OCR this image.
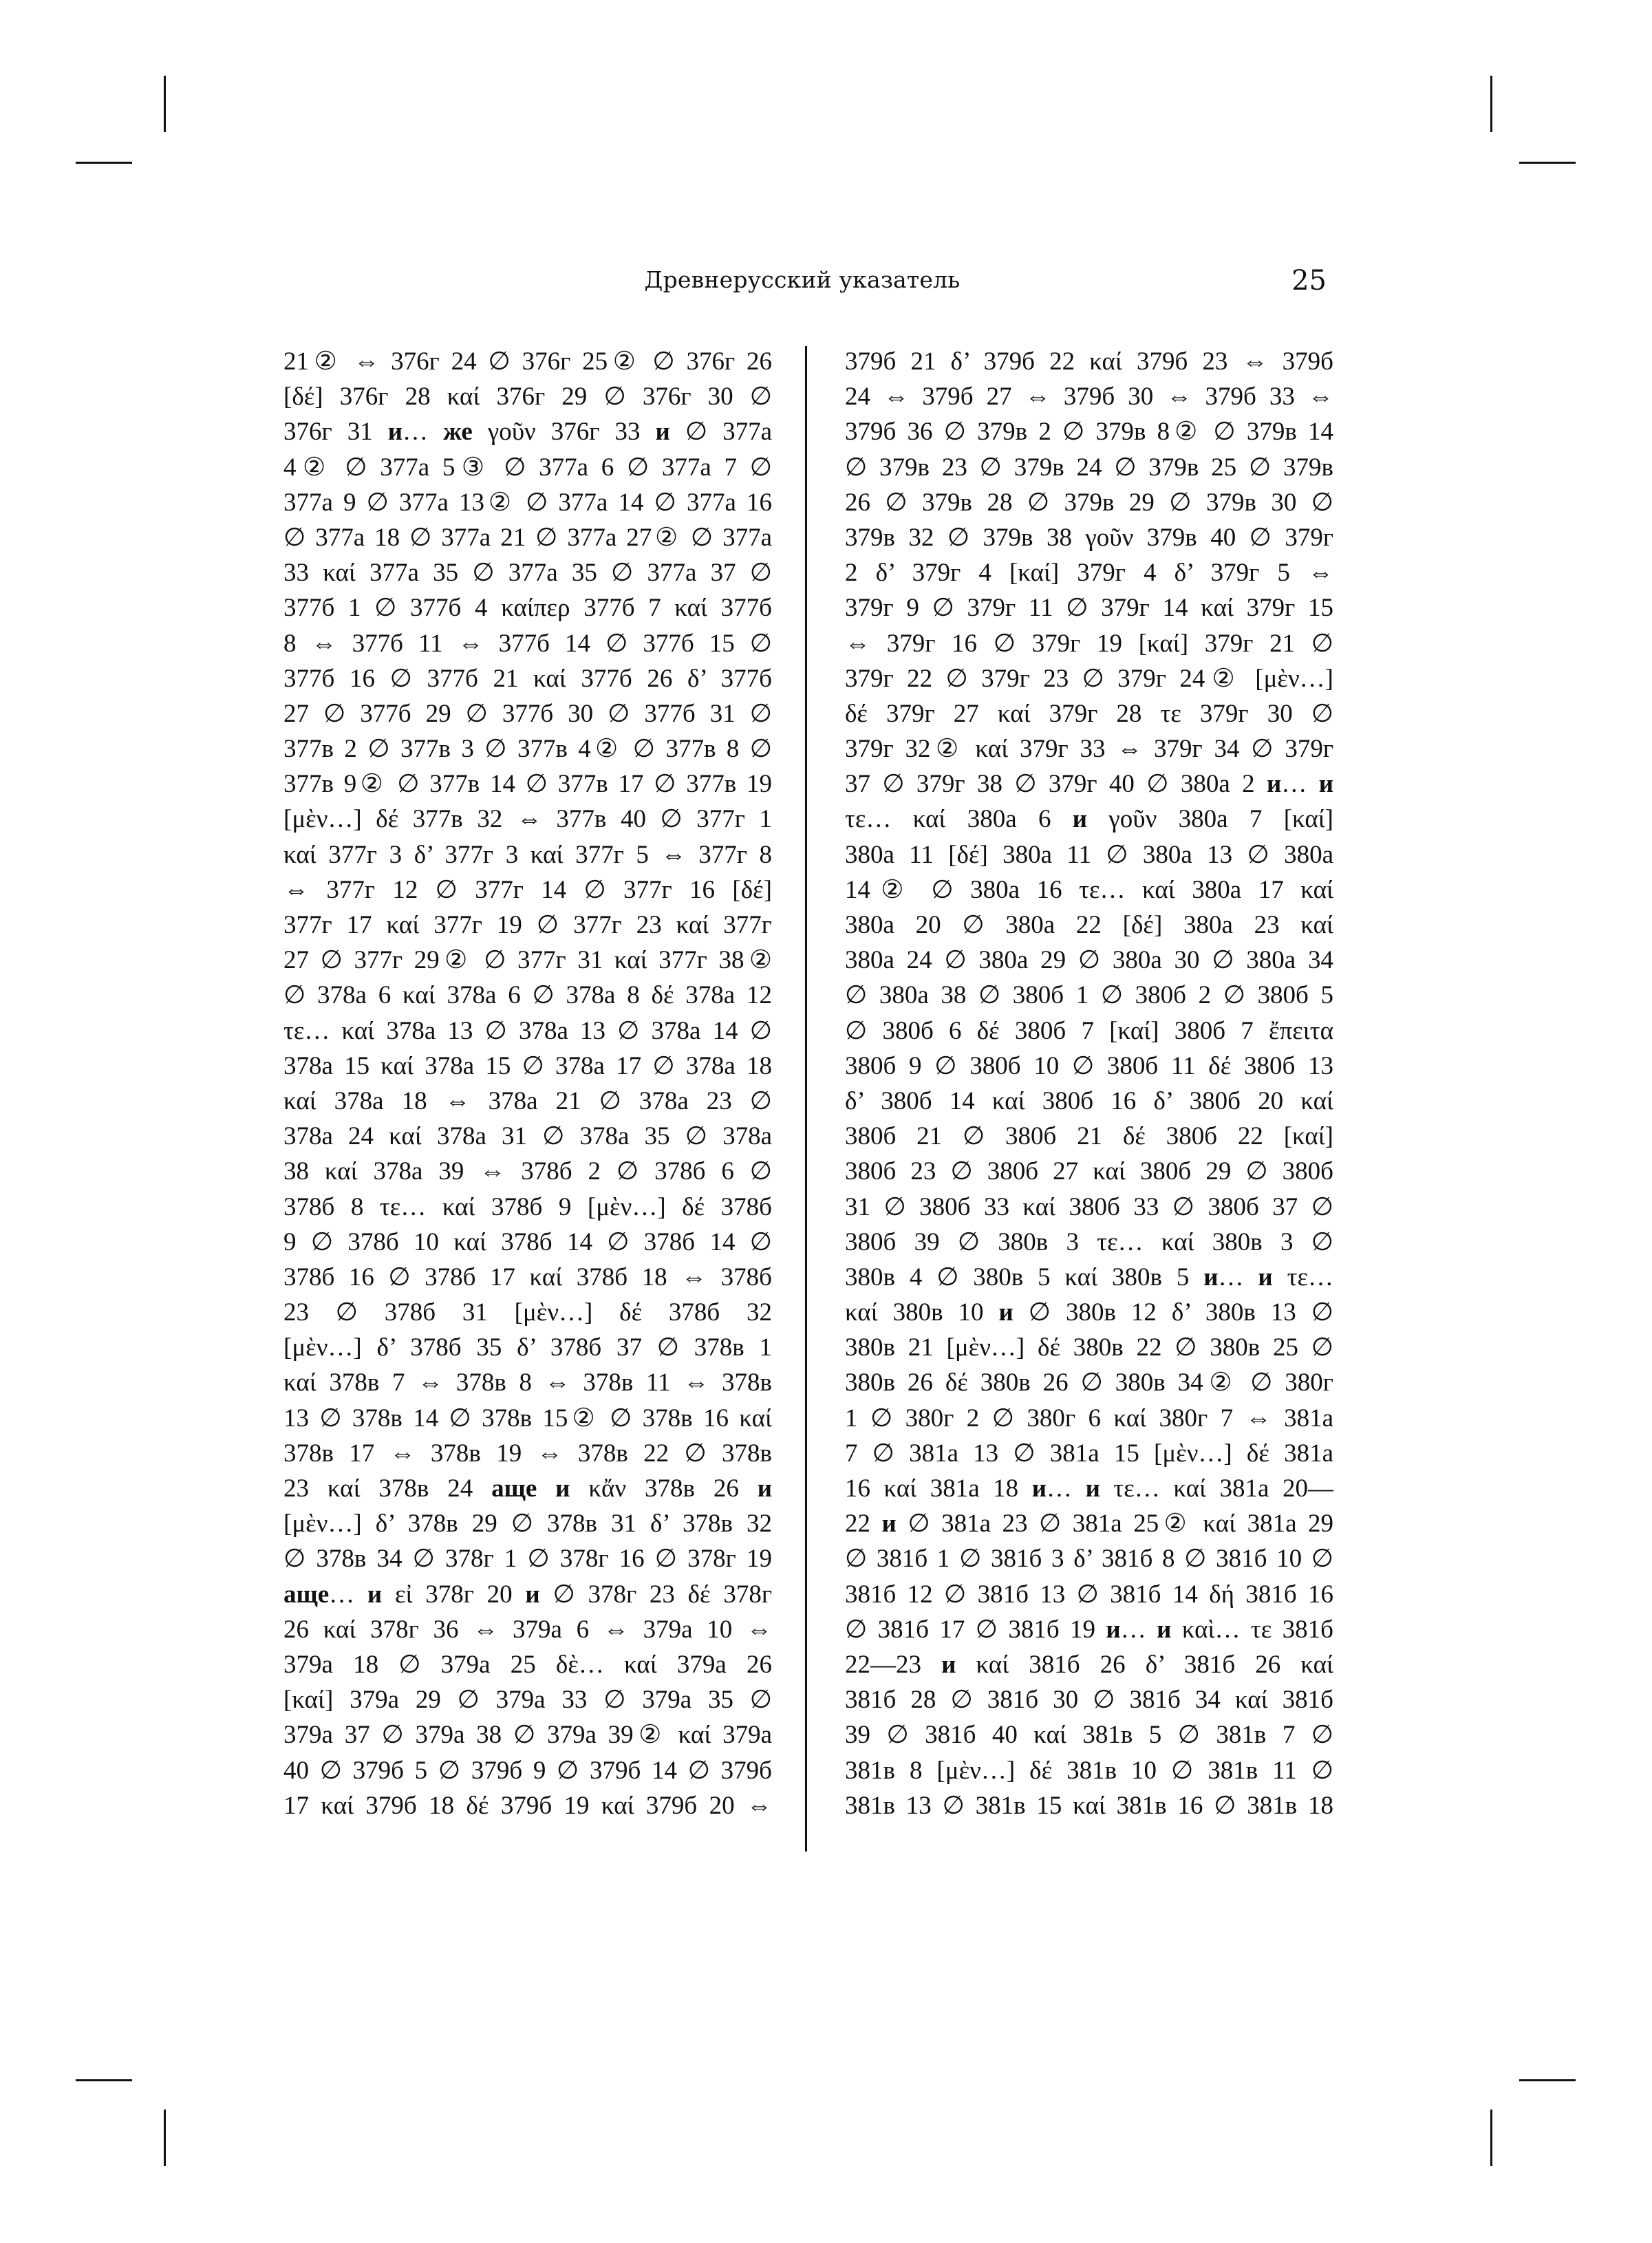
Древнерусский указатель	25
21② ⇔ 376г 24 ∅ 376г 25② ∅ 376г 26
[δέ] 376г 28 καί 376г 29 ∅ 376г 30 ∅
376г 31 и… же γοῦν 376г 33 и ∅ 377а
4② ∅ 377а 5③ ∅ 377а 6 ∅ 377а 7 ∅
377а 9 ∅ 377а 13② ∅ 377а 14 ∅ 377а 16
∅ 377а 18 ∅ 377а 21 ∅ 377а 27② ∅ 377а
33 καί 377а 35 ∅ 377а 35 ∅ 377а 37 ∅
377б 1 ∅ 377б 4 καίπερ 377б 7 καί 377б
8 ⇔ 377б 11 ⇔ 377б 14 ∅ 377б 15 ∅
377б 16 ∅ 377б 21 καί 377б 26 δ’ 377б
27 ∅ 377б 29 ∅ 377б 30 ∅ 377б 31 ∅
377в 2 ∅ 377в 3 ∅ 377в 4② ∅ 377в 8 ∅
377в 9② ∅ 377в 14 ∅ 377в 17 ∅ 377в 19
[μὲν…] δέ 377в 32 ⇔ 377в 40 ∅ 377г 1
καί 377г 3 δ’ 377г 3 καί 377г 5 ⇔ 377г 8
⇔ 377г 12 ∅ 377г 14 ∅ 377г 16 [δέ]
377г 17 καί 377г 19 ∅ 377г 23 καί 377г
27 ∅ 377г 29② ∅ 377г 31 καί 377г 38②
∅ 378а 6 καί 378а 6 ∅ 378а 8 δέ 378а 12
τε… καί 378а 13 ∅ 378а 13 ∅ 378а 14 ∅
378а 15 καί 378а 15 ∅ 378а 17 ∅ 378а 18
καί 378а 18 ⇔ 378а 21 ∅ 378а 23 ∅
378а 24 καί 378а 31 ∅ 378а 35 ∅ 378а
38 καί 378а 39 ⇔ 378б 2 ∅ 378б 6 ∅
378б 8 τε… καί 378б 9 [μὲν…] δέ 378б
9 ∅ 378б 10 καί 378б 14 ∅ 378б 14 ∅
378б 16 ∅ 378б 17 καί 378б 18 ⇔ 378б
23 ∅ 378б 31 [μὲν…] δέ 378б 32
[μὲν…] δ’ 378б 35 δ’ 378б 37 ∅ 378в 1
καί 378в 7 ⇔ 378в 8 ⇔ 378в 11 ⇔ 378в
13 ∅ 378в 14 ∅ 378в 15② ∅ 378в 16 καί
378в 17 ⇔ 378в 19 ⇔ 378в 22 ∅ 378в
23 καί 378в 24 аще и κἄν 378в 26 и
[μὲν…] δ’ 378в 29 ∅ 378в 31 δ’ 378в 32
∅ 378в 34 ∅ 378г 1 ∅ 378г 16 ∅ 378г 19
аще… и εἰ 378г 20 и ∅ 378г 23 δέ 378г
26 καί 378г 36 ⇔ 379а 6 ⇔ 379а 10 ⇔
379а 18 ∅ 379а 25 δὲ… καί 379а 26
[καί] 379а 29 ∅ 379а 33 ∅ 379а 35 ∅
379а 37 ∅ 379а 38 ∅ 379а 39② καί 379а
40 ∅ 379б 5 ∅ 379б 9 ∅ 379б 14 ∅ 379б
17 καί 379б 18 δέ 379б 19 καί 379б 20 ⇔
379б 21 δ’ 379б 22 καί 379б 23 ⇔ 379б
24 ⇔ 379б 27 ⇔ 379б 30 ⇔ 379б 33 ⇔
379б 36 ∅ 379в 2 ∅ 379в 8② ∅ 379в 14
∅ 379в 23 ∅ 379в 24 ∅ 379в 25 ∅ 379в
26 ∅ 379в 28 ∅ 379в 29 ∅ 379в 30 ∅
379в 32 ∅ 379в 38 γοῦν 379в 40 ∅ 379г
2 δ’ 379г 4 [καί] 379г 4 δ’ 379г 5 ⇔
379г 9 ∅ 379г 11 ∅ 379г 14 καί 379г 15
⇔ 379г 16 ∅ 379г 19 [καί] 379г 21 ∅
379г 22 ∅ 379г 23 ∅ 379г 24② [μὲν…]
δέ 379г 27 καί 379г 28 τε 379г 30 ∅
379г 32② καί 379г 33 ⇔ 379г 34 ∅ 379г
37 ∅ 379г 38 ∅ 379г 40 ∅ 380а 2 и… и
τε… καί 380а 6 и γοῦν 380а 7 [καί]
380а 11 [δέ] 380а 11 ∅ 380а 13 ∅ 380а
14② ∅ 380а 16 τε… καί 380а 17 καί
380а 20 ∅ 380а 22 [δέ] 380а 23 καί
380а 24 ∅ 380а 29 ∅ 380а 30 ∅ 380а 34
∅ 380а 38 ∅ 380б 1 ∅ 380б 2 ∅ 380б 5
∅ 380б 6 δέ 380б 7 [καί] 380б 7 ἔπειτα
380б 9 ∅ 380б 10 ∅ 380б 11 δέ 380б 13
δ’ 380б 14 καί 380б 16 δ’ 380б 20 καί
380б 21 ∅ 380б 21 δέ 380б 22 [καί]
380б 23 ∅ 380б 27 καί 380б 29 ∅ 380б
31 ∅ 380б 33 καί 380б 33 ∅ 380б 37 ∅
380б 39 ∅ 380в 3 τε… καί 380в 3 ∅
380в 4 ∅ 380в 5 καί 380в 5 и… и τε…
καί 380в 10 и ∅ 380в 12 δ’ 380в 13 ∅
380в 21 [μὲν…] δέ 380в 22 ∅ 380в 25 ∅
380в 26 δέ 380в 26 ∅ 380в 34② ∅ 380г
1 ∅ 380г 2 ∅ 380г 6 καί 380г 7 ⇔ 381а
7 ∅ 381а 13 ∅ 381а 15 [μὲν…] δέ 381а
16 καί 381а 18 и… и τε… καί 381а 20—
22 и ∅ 381а 23 ∅ 381а 25② καί 381а 29
∅ 381б 1 ∅ 381б 3 δ’ 381б 8 ∅ 381б 10 ∅
381б 12 ∅ 381б 13 ∅ 381б 14 δή 381б 16
∅ 381б 17 ∅ 381б 19 и… и καὶ… τε 381б
22—23 и καί 381б 26 δ’ 381б 26 καί
381б 28 ∅ 381б 30 ∅ 381б 34 καί 381б
39 ∅ 381б 40 καί 381в 5 ∅ 381в 7 ∅
381в 8 [μὲν…] δέ 381в 10 ∅ 381в 11 ∅
381в 13 ∅ 381в 15 καί 381в 16 ∅ 381в 18
